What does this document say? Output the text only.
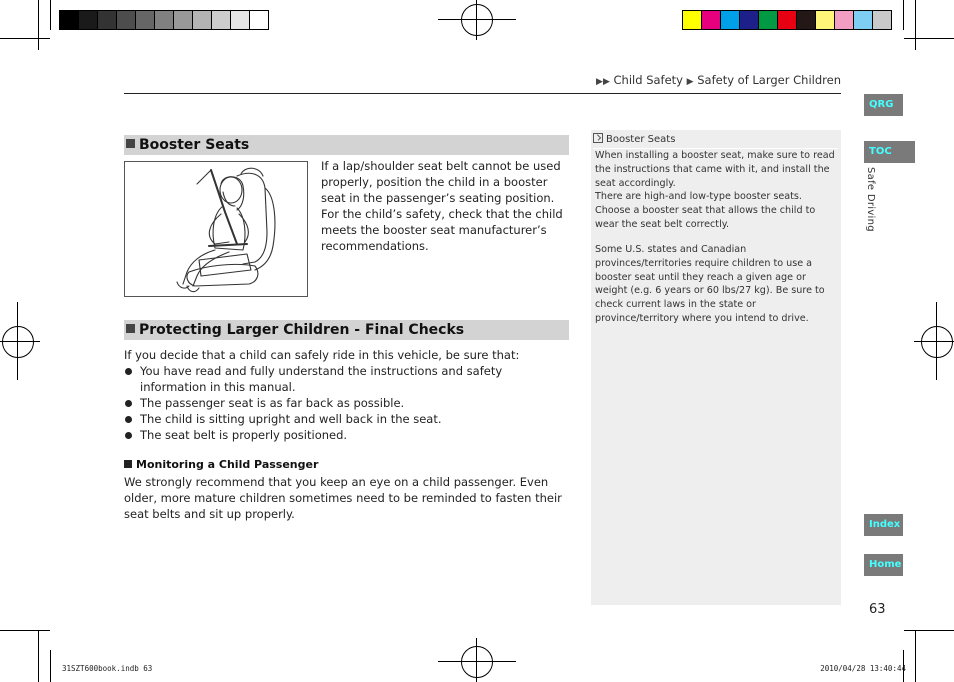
▶▶ Child Safety ▶ Safety of Larger Children
Booster Seats
If a lap/shoulder seat belt cannot be used properly, position the child in a booster seat in the passenger’s seating position. For the child’s safety, check that the child meets the booster seat manufacturer’s recommendations.
Protecting Larger Children - Final Checks
If you decide that a child can safely ride in this vehicle, be sure that:
You have read and fully understand the instructions and safety information in this manual.
The passenger seat is as far back as possible.
The child is sitting upright and well back in the seat.
The seat belt is properly positioned.
Monitoring a Child Passenger
We strongly recommend that you keep an eye on a child passenger. Even older, more mature children sometimes need to be reminded to fasten their seat belts and sit up properly.
Booster Seats
When installing a booster seat, make sure to read the instructions that came with it, and install the seat accordingly.
There are high-and low-type booster seats. Choose a booster seat that allows the child to wear the seat belt correctly.
Some U.S. states and Canadian provinces/territories require children to use a booster seat until they reach a given age or weight (e.g. 6 years or 60 lbs/27 kg). Be sure to check current laws in the state or province/territory where you intend to drive.
QRG
TOC
Safe Driving
Index
Home
63
31SZT600book.indb 63	2010/04/28 13:40:44
